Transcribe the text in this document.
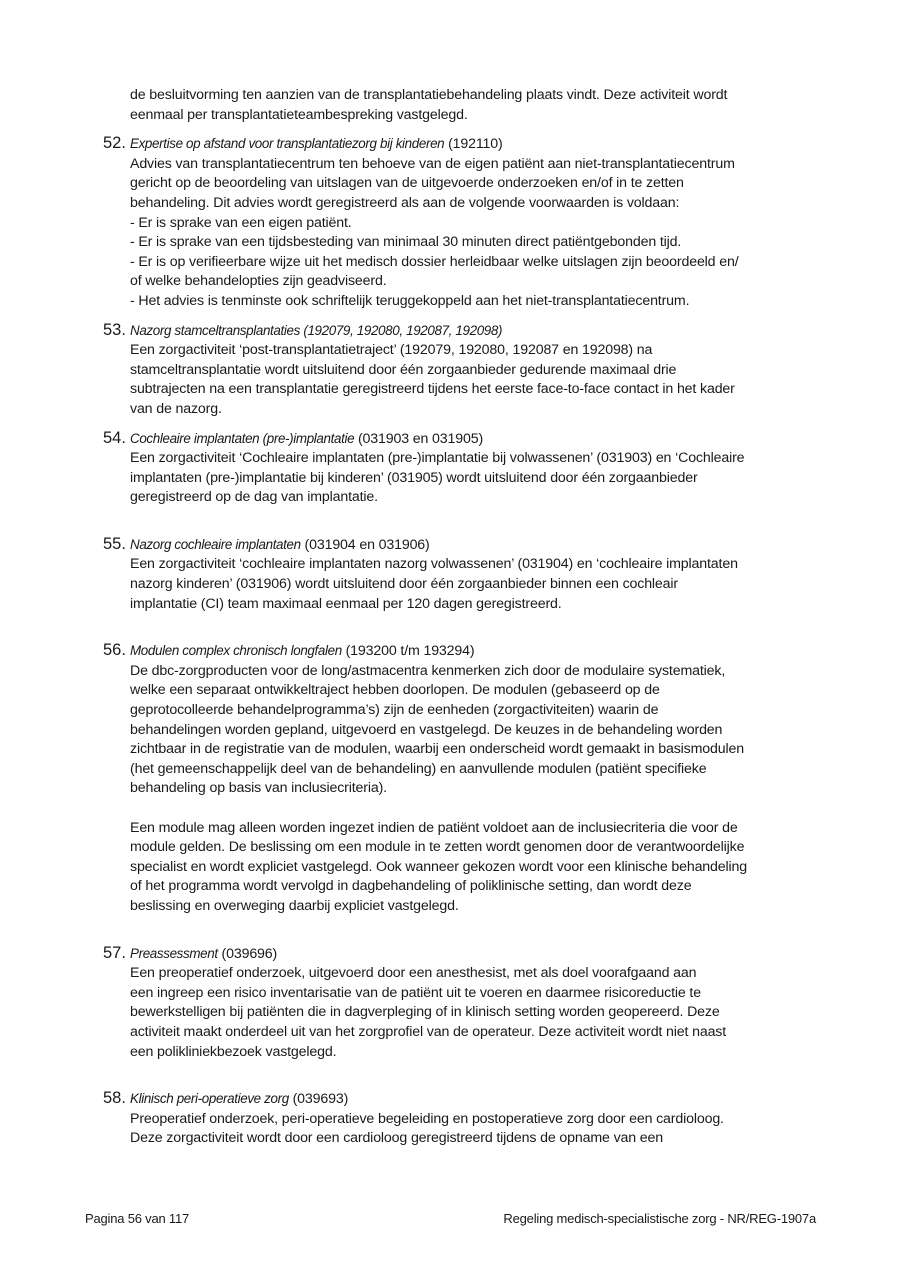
de besluitvorming ten aanzien van de transplantatiebehandeling plaats vindt. Deze activiteit wordt
eenmaal per transplantatieteambespreking vastgelegd.
52. Expertise op afstand voor transplantatiezorg bij kinderen (192110)
Advies van transplantatiecentrum ten behoeve van de eigen patiënt aan niet-transplantatiecentrum
gericht op de beoordeling van uitslagen van de uitgevoerde onderzoeken en/of in te zetten
behandeling. Dit advies wordt geregistreerd als aan de volgende voorwaarden is voldaan:
- Er is sprake van een eigen patiënt.
- Er is sprake van een tijdsbesteding van minimaal 30 minuten direct patiëntgebonden tijd.
- Er is op verifieerbare wijze uit het medisch dossier herleidbaar welke uitslagen zijn beoordeeld en/
of welke behandelopties zijn geadviseerd.
- Het advies is tenminste ook schriftelijk teruggekoppeld aan het niet-transplantatiecentrum.
53. Nazorg stamceltransplantaties (192079, 192080, 192087, 192098)
Een zorgactiviteit ‘post-transplantatietraject’ (192079, 192080, 192087 en 192098) na
stamceltransplantatie wordt uitsluitend door één zorgaanbieder gedurende maximaal drie
subtrajecten na een transplantatie geregistreerd tijdens het eerste face-to-face contact in het kader
van de nazorg.
54. Cochleaire implantaten (pre-)implantatie (031903 en 031905)
Een zorgactiviteit ‘Cochleaire implantaten (pre-)implantatie bij volwassenen’ (031903) en ‘Cochleaire
implantaten (pre-)implantatie bij kinderen’ (031905) wordt uitsluitend door één zorgaanbieder
geregistreerd op de dag van implantatie.
55. Nazorg cochleaire implantaten (031904 en 031906)
Een zorgactiviteit ‘cochleaire implantaten nazorg volwassenen’ (031904) en ‘cochleaire implantaten
nazorg kinderen’ (031906) wordt uitsluitend door één zorgaanbieder binnen een cochleair
implantatie (CI) team maximaal eenmaal per 120 dagen geregistreerd.
56. Modulen complex chronisch longfalen (193200 t/m 193294)
De dbc-zorgproducten voor de long/astmacentra kenmerken zich door de modulaire systematiek,
welke een separaat ontwikkeltraject hebben doorlopen. De modulen (gebaseerd op de
geprotocolleerde behandelprogramma’s) zijn de eenheden (zorgactiviteiten) waarin de
behandelingen worden gepland, uitgevoerd en vastgelegd. De keuzes in de behandeling worden
zichtbaar in de registratie van de modulen, waarbij een onderscheid wordt gemaakt in basismodulen
(het gemeenschappelijk deel van de behandeling) en aanvullende modulen (patiënt specifieke
behandeling op basis van inclusiecriteria).
Een module mag alleen worden ingezet indien de patiënt voldoet aan de inclusiecriteria die voor de
module gelden. De beslissing om een module in te zetten wordt genomen door de verantwoordelijke
specialist en wordt expliciet vastgelegd. Ook wanneer gekozen wordt voor een klinische behandeling
of het programma wordt vervolgd in dagbehandeling of poliklinische setting, dan wordt deze
beslissing en overweging daarbij expliciet vastgelegd.
57. Preassessment (039696)
Een preoperatief onderzoek, uitgevoerd door een anesthesist, met als doel voorafgaand aan
een ingreep een risico inventarisatie van de patiënt uit te voeren en daarmee risicoreductie te
bewerkstelligen bij patiënten die in dagverpleging of in klinisch setting worden geopereerd. Deze
activiteit maakt onderdeel uit van het zorgprofiel van de operateur. Deze activiteit wordt niet naast
een polikliniekbezoek vastgelegd.
58. Klinisch peri-operatieve zorg (039693)
Preoperatief onderzoek, peri-operatieve begeleiding en postoperatieve zorg door een cardioloog.
Deze zorgactiviteit wordt door een cardioloog geregistreerd tijdens de opname van een
Pagina 56 van 117	Regeling medisch-specialistische zorg - NR/REG-1907a
